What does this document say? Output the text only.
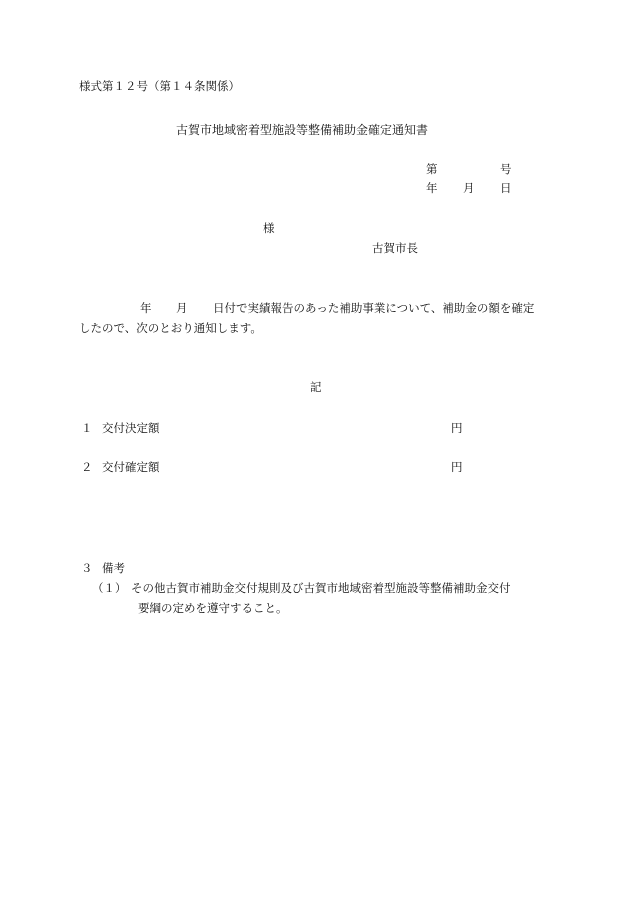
様式第１２号（第１４条関係）
古賀市地域密着型施設等整備補助金確定通知書
第	号
年 月 日
様
古賀市長
年 月 日付で実績報告のあった補助事業について、補助金の額を確定
したので、次のとおり通知します。
記
１ 交付決定額	円
２ 交付確定額	円
３ 備考
（１） その他古賀市補助金交付規則及び古賀市地域密着型施設等整備補助金交付
要綱の定めを遵守すること。
